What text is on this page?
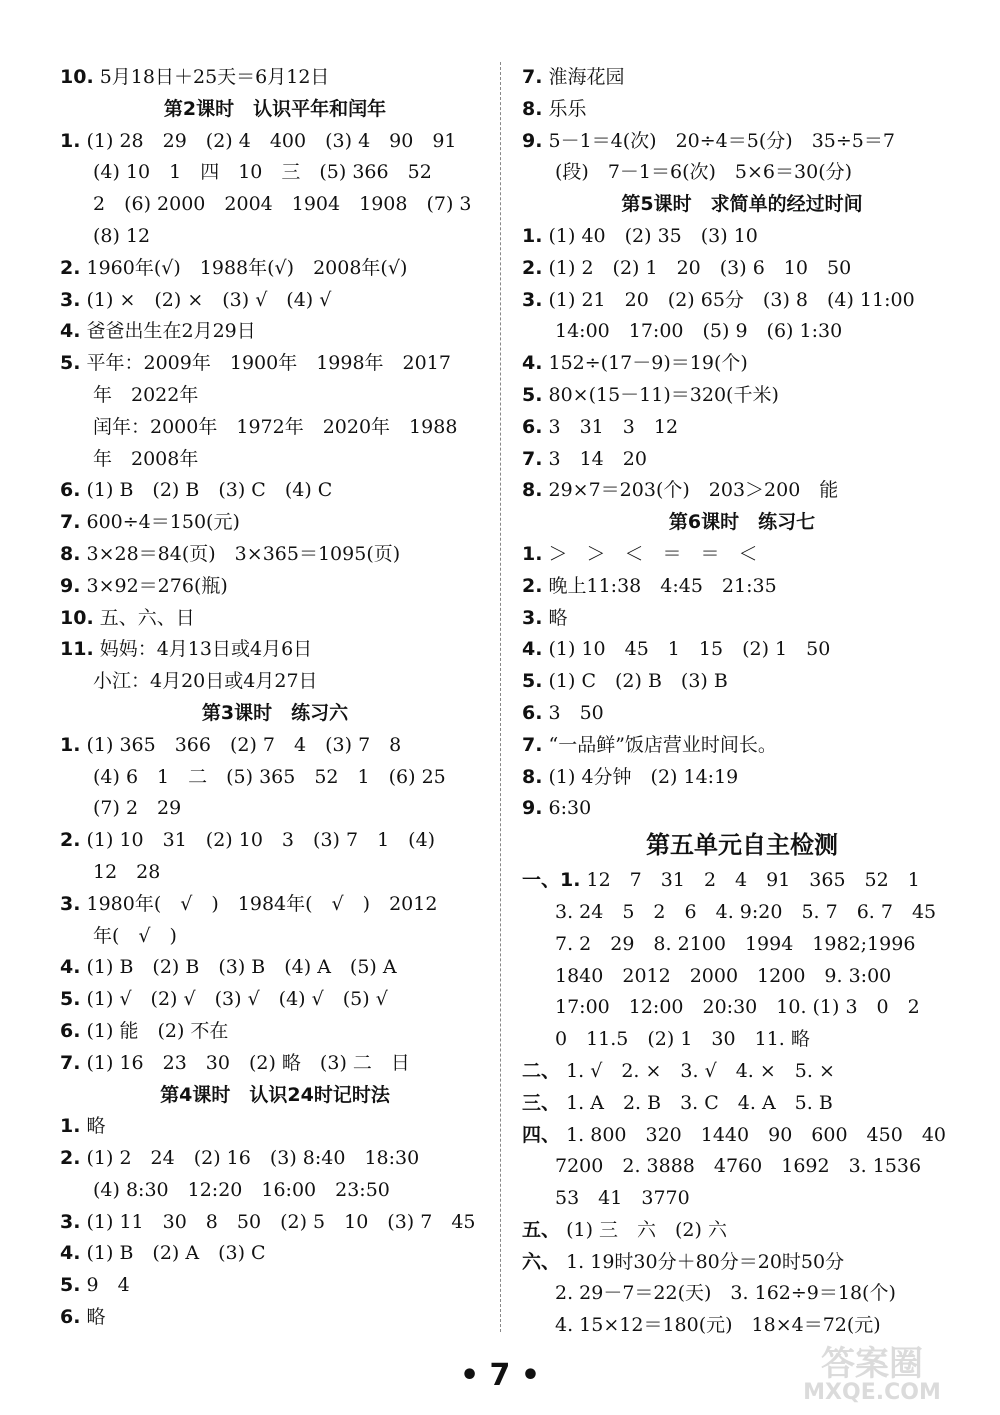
10. 5月18日＋25天＝6月12日
第2课时　认识平年和闰年
1. (1) 28　29　(2) 4　400　(3) 4　90　91
(4) 10　1　四　10　三　(5) 366　52
2　(6) 2000　2004　1904　1908　(7) 3
(8) 12
2. 1960年(√)　1988年(√)　2008年(√)
3. (1) ×　(2) ×　(3) √　(4) √
4. 爸爸出生在2月29日
5. 平年：2009年　1900年　1998年　2017
年　2022年
闰年：2000年　1972年　2020年　1988
年　2008年
6. (1) B　(2) B　(3) C　(4) C
7. 600÷4＝150(元)
8. 3×28＝84(页)　3×365＝1095(页)
9. 3×92＝276(瓶)
10. 五、六、日
11. 妈妈：4月13日或4月6日
小江：4月20日或4月27日
第3课时　练习六
1. (1) 365　366　(2) 7　4　(3) 7　8
(4) 6　1　二　(5) 365　52　1　(6) 25
(7) 2　29
2. (1) 10　31　(2) 10　3　(3) 7　1　(4)
12　28
3. 1980年(　√　)　1984年(　√　)　2012
年(　√　)
4. (1) B　(2) B　(3) B　(4) A　(5) A
5. (1) √　(2) √　(3) √　(4) √　(5) √
6. (1) 能　(2) 不在
7. (1) 16　23　30　(2) 略　(3) 二　日
第4课时　认识24时记时法
1. 略
2. (1) 2　24　(2) 16　(3) 8:40　18:30
(4) 8:30　12:20　16:00　23:50
3. (1) 11　30　8　50　(2) 5　10　(3) 7　45
4. (1) B　(2) A　(3) C
5. 9　4
6. 略
7. 淮海花园
8. 乐乐
9. 5－1＝4(次)　20÷4＝5(分)　35÷5＝7
(段)　7－1＝6(次)　5×6＝30(分)
第5课时　求简单的经过时间
1. (1) 40　(2) 35　(3) 10
2. (1) 2　(2) 1　20　(3) 6　10　50
3. (1) 21　20　(2) 65分　(3) 8　(4) 11:00
14:00　17:00　(5) 9　(6) 1:30
4. 152÷(17－9)＝19(个)
5. 80×(15－11)＝320(千米)
6. 3　31　3　12
7. 3　14　20
8. 29×7＝203(个)　203＞200　能
第6课时　练习七
1. ＞　＞　＜　＝　＝　＜
2. 晚上11:38　4:45　21:35
3. 略
4. (1) 10　45　1　15　(2) 1　50
5. (1) C　(2) B　(3) B
6. 3　50
7. “一品鲜”饭店营业时间长。
8. (1) 4分钟　(2) 14:19
9. 6:30
第五单元自主检测
一、1. 12　7　31　2　4　91　365　52　1
3. 24　5　2　6　4. 9:20　5. 7　6. 7　45
7. 2　29　8. 2100　1994　1982;1996
1840　2012　2000　1200　9. 3:00
17:00　12:00　20:30　10. (1) 3　0　2
0　11.5　(2) 1　30　11. 略
二、 1. √　2. ×　3. √　4. ×　5. ×
三、 1. A　2. B　3. C　4. A　5. B
四、 1. 800　320　1440　90　600　450　40
7200　2. 3888　4760　1692　3. 1536
53　41　3770
五、 (1) 三　六　(2) 六
六、 1. 19时30分＋80分＝20时50分
2. 29－7＝22(天)　3. 162÷9＝18(个)
4. 15×12＝180(元)　18×4＝72(元)
• 7 •	答案圈
MXQE.COM
